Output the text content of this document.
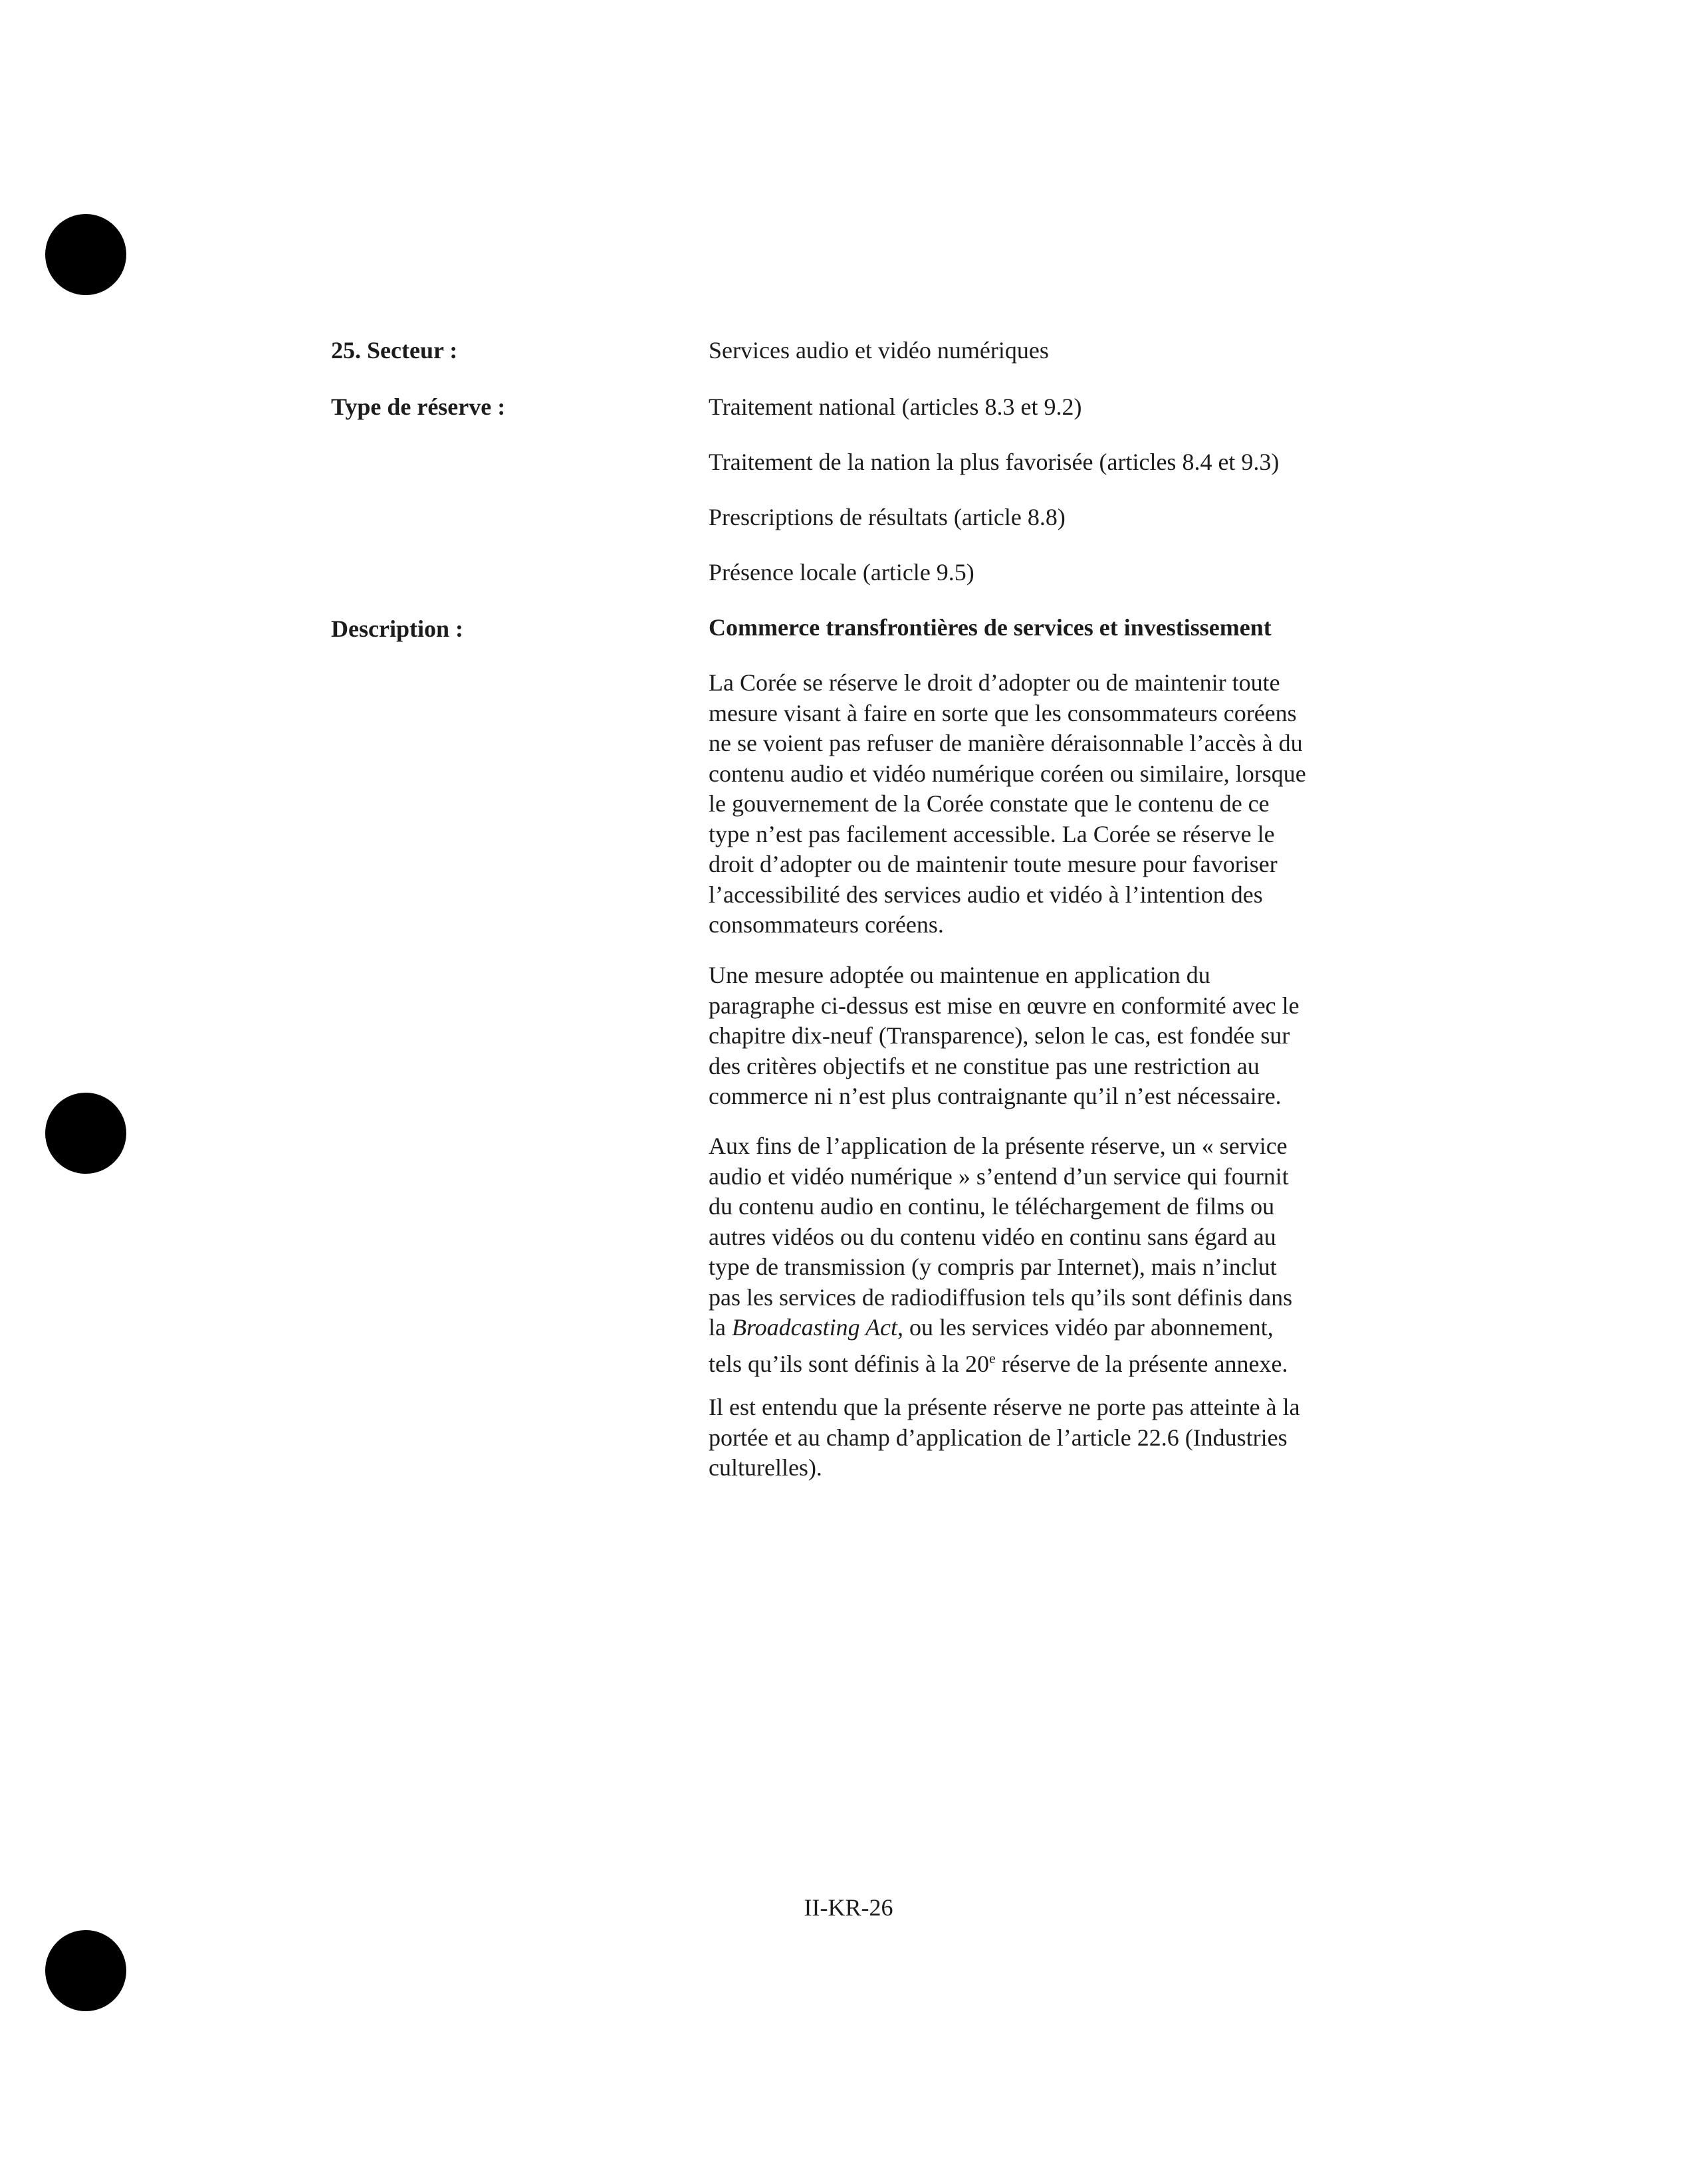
25. Secteur :	Services audio et vidéo numériques
Type de réserve :	Traitement national (articles 8.3 et 9.2)
Traitement de la nation la plus favorisée (articles 8.4 et 9.3)
Prescriptions de résultats (article 8.8)
Présence locale (article 9.5)
Description :	Commerce transfrontières de services et investissement

La Corée se réserve le droit d’adopter ou de maintenir toute
mesure visant à faire en sorte que les consommateurs coréens
ne se voient pas refuser de manière déraisonnable l’accès à du
contenu audio et vidéo numérique coréen ou similaire, lorsque
le gouvernement de la Corée constate que le contenu de ce
type n’est pas facilement accessible. La Corée se réserve le
droit d’adopter ou de maintenir toute mesure pour favoriser
l’accessibilité des services audio et vidéo à l’intention des
consommateurs coréens.

Une mesure adoptée ou maintenue en application du
paragraphe ci-dessus est mise en œuvre en conformité avec le
chapitre dix-neuf (Transparence), selon le cas, est fondée sur
des critères objectifs et ne constitue pas une restriction au
commerce ni n’est plus contraignante qu’il n’est nécessaire.

Aux fins de l’application de la présente réserve, un « service
audio et vidéo numérique » s’entend d’un service qui fournit
du contenu audio en continu, le téléchargement de films ou
autres vidéos ou du contenu vidéo en continu sans égard au
type de transmission (y compris par Internet), mais n’inclut
pas les services de radiodiffusion tels qu’ils sont définis dans
la Broadcasting Act, ou les services vidéo par abonnement,
tels qu’ils sont définis à la 20e réserve de la présente annexe.

Il est entendu que la présente réserve ne porte pas atteinte à la
portée et au champ d’application de l’article 22.6 (Industries
culturelles).

II-KR-26
